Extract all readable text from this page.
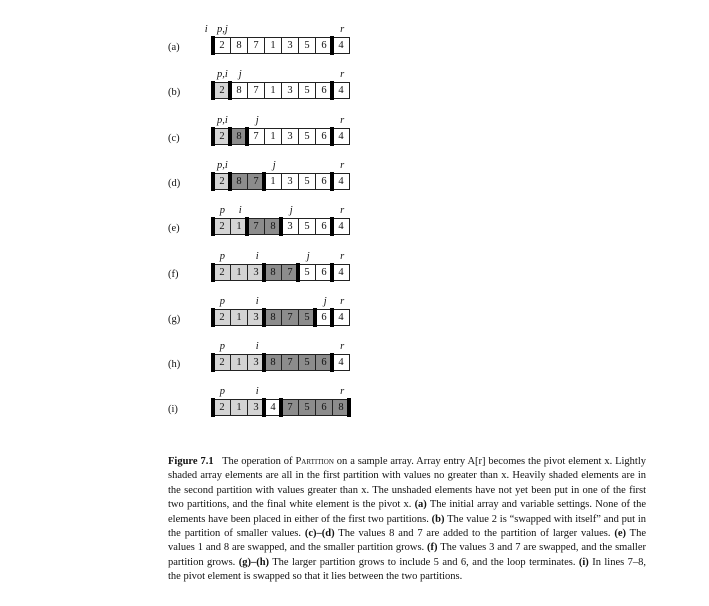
(a)
i p,j	r
2	8	7	1	3	5	6	4
(b)
p,i j	r
2	8	7	1	3	5	6	4
(c)
p,i	j	r
2	8	7	1	3	5	6	4
(d)
p,i	j	r
2	8	7	1	3	5	6	4
(e)
p i	j	r
2	1	7	8	3	5	6	4
(f)
p	i	j	r
2	1	3	8	7	5	6	4
(g)
p	i	j r
2	1	3	8	7	5	6	4
(h)
p	i	r
2	1	3	8	7	5	6	4
(i)
p	i	r
2	1	3	4	7	5	6	8
Figure 7.1 The operation of Partition on a sample array. Array entry A[r] becomes the pivot element x. Lightly shaded array elements are all in the first partition with values no greater than x. Heavily shaded elements are in the second partition with values greater than x. The unshaded elements have not yet been put in one of the first two partitions, and the final white element is the pivot x. (a) The initial array and variable settings. None of the elements have been placed in either of the first two partitions. (b) The value 2 is “swapped with itself” and put in the partition of smaller values. (c)–(d) The values 8 and 7 are added to the partition of larger values. (e) The values 1 and 8 are swapped, and the smaller partition grows. (f) The values 3 and 7 are swapped, and the smaller partition grows. (g)–(h) The larger partition grows to include 5 and 6, and the loop terminates. (i) In lines 7–8, the pivot element is swapped so that it lies between the two partitions.
